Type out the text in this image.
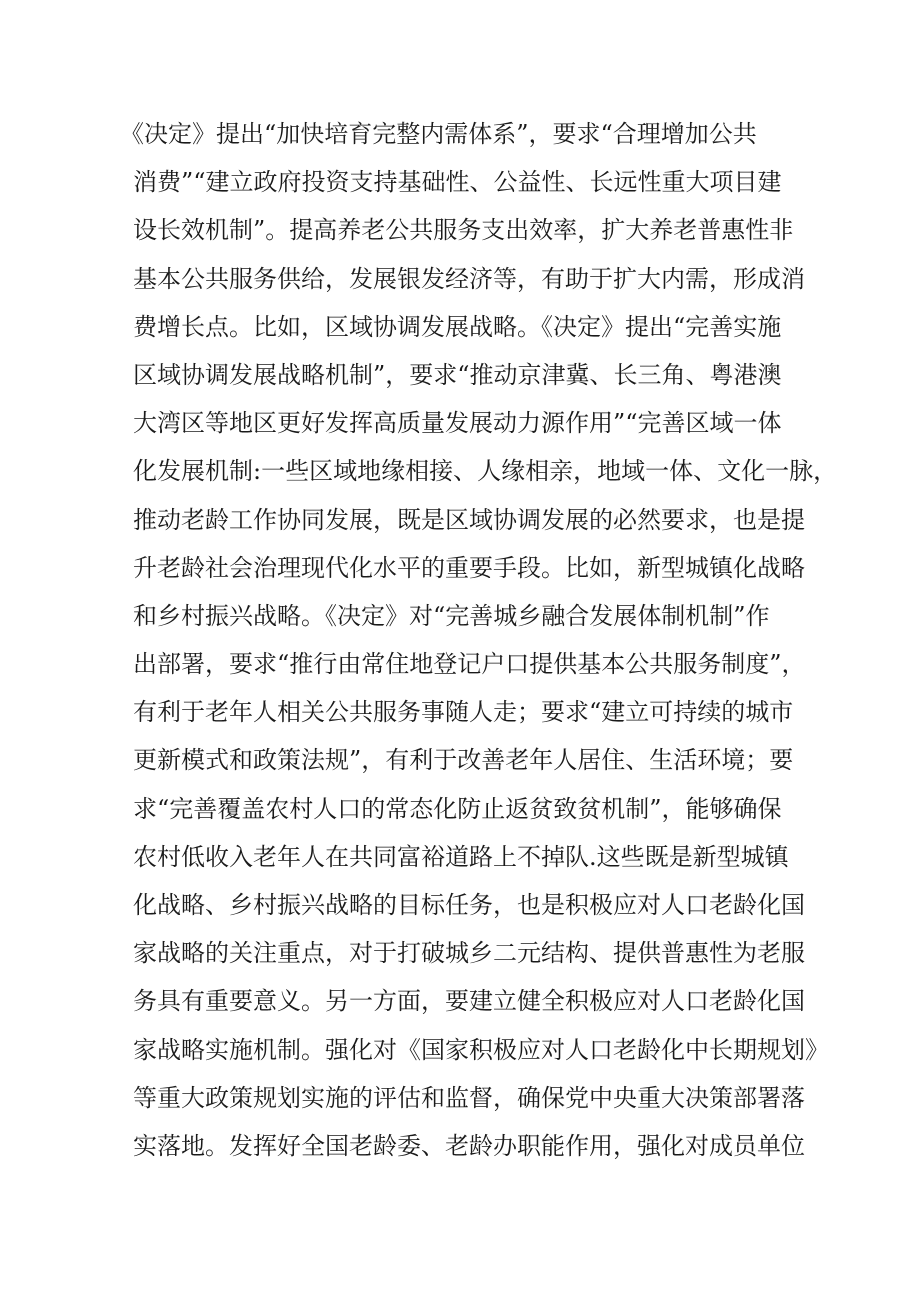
《决定》提出“加快培育完整内需体系”，要求“合理增加公共
消费”“建立政府投资支持基础性、公益性、长远性重大项目建
设长效机制”。提高养老公共服务支出效率，扩大养老普惠性非
基本公共服务供给，发展银发经济等，有助于扩大内需，形成消
费增长点。比如，区域协调发展战略。《决定》提出“完善实施
区域协调发展战略机制”，要求“推动京津冀、长三角、粤港澳
大湾区等地区更好发挥高质量发展动力源作用”“完善区域一体
化发展机制:一些区域地缘相接、人缘相亲，地域一体、文化一脉，
推动老龄工作协同发展，既是区域协调发展的必然要求，也是提
升老龄社会治理现代化水平的重要手段。比如，新型城镇化战略
和乡村振兴战略。《决定》对“完善城乡融合发展体制机制”作
出部署，要求“推行由常住地登记户口提供基本公共服务制度”，
有利于老年人相关公共服务事随人走；要求“建立可持续的城市
更新模式和政策法规”，有利于改善老年人居住、生活环境；要
求“完善覆盖农村人口的常态化防止返贫致贫机制”，能够确保
农村低收入老年人在共同富裕道路上不掉队.这些既是新型城镇
化战略、乡村振兴战略的目标任务，也是积极应对人口老龄化国
家战略的关注重点，对于打破城乡二元结构、提供普惠性为老服
务具有重要意义。另一方面，要建立健全积极应对人口老龄化国
家战略实施机制。强化对《国家积极应对人口老龄化中长期规划》
等重大政策规划实施的评估和监督，确保党中央重大决策部署落
实落地。发挥好全国老龄委、老龄办职能作用，强化对成员单位
